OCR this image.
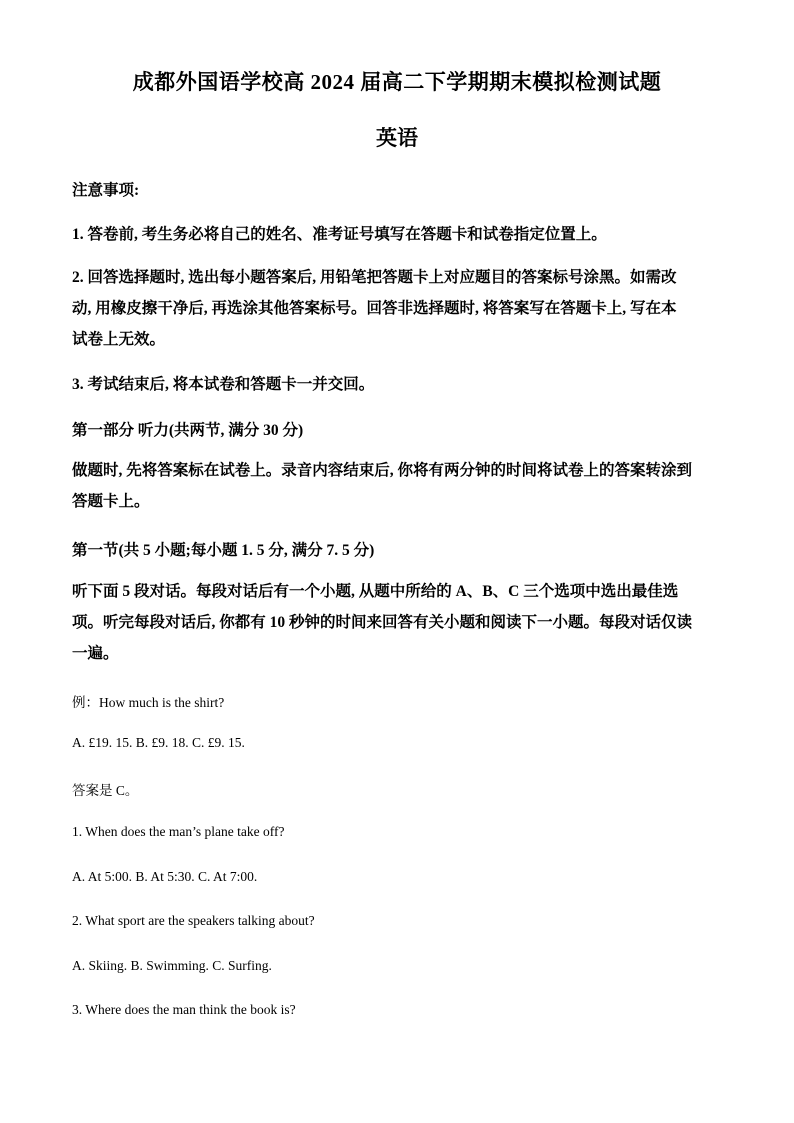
成都外国语学校高 2024 届高二下学期期末模拟检测试题
英语
注意事项:
1. 答卷前, 考生务必将自己的姓名、准考证号填写在答题卡和试卷指定位置上。
2. 回答选择题时, 选出每小题答案后, 用铅笔把答题卡上对应题目的答案标号涂黑。如需改
动, 用橡皮擦干净后, 再选涂其他答案标号。回答非选择题时, 将答案写在答题卡上, 写在本
试卷上无效。
3. 考试结束后, 将本试卷和答题卡一并交回。
第一部分 听力(共两节, 满分 30 分)
做题时, 先将答案标在试卷上。录音内容结束后, 你将有两分钟的时间将试卷上的答案转涂到
答题卡上。
第一节(共 5 小题;每小题 1. 5 分, 满分 7. 5 分)
听下面 5 段对话。每段对话后有一个小题, 从题中所给的 A、B、C 三个选项中选出最佳选
项。听完每段对话后, 你都有 10 秒钟的时间来回答有关小题和阅读下一小题。每段对话仅读
一遍。
例：How much is the shirt?
A. £19. 15. B. £9. 18. C. £9. 15.
答案是 C。
1. When does the man’s plane take off?
A. At 5:00. B. At 5:30. C. At 7:00.
2. What sport are the speakers talking about?
A. Skiing. B. Swimming. C. Surfing.
3. Where does the man think the book is?
